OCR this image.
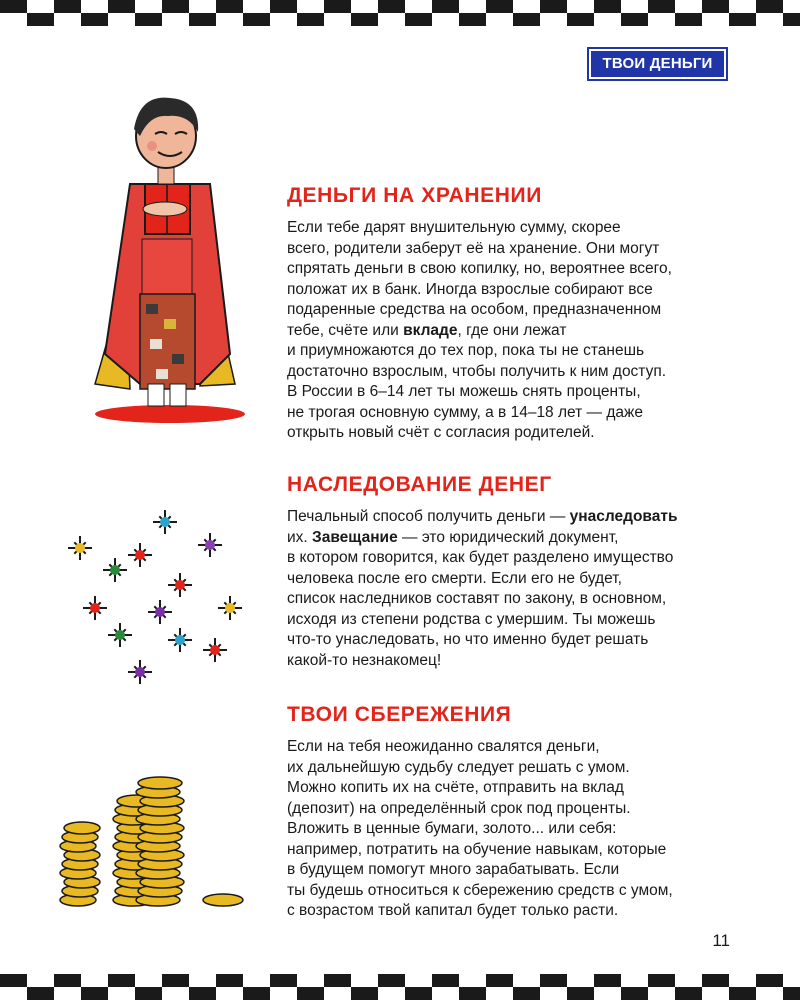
ТВОИ ДЕНЬГИ
ДЕНЬГИ НА ХРАНЕНИИ

Если тебе дарят внушительную сумму, скорее
всего, родители заберут её на хранение. Они могут
спрятать деньги в свою копилку, но, вероятнее всего,
положат их в банк. Иногда взрослые собирают все
подаренные средства на особом, предназначенном
тебе, счёте или вкладе, где они лежат
и приумножаются до тех пор, пока ты не станешь
достаточно взрослым, чтобы получить к ним доступ.
В России в 6–14 лет ты можешь снять проценты,
не трогая основную сумму, а в 14–18 лет — даже
открыть новый счёт с согласия родителей.

НАСЛЕДОВАНИЕ ДЕНЕГ

Печальный способ получить деньги — унаследовать
их. Завещание — это юридический документ,
в котором говорится, как будет разделено имущество
человека после его смерти. Если его не будет,
список наследников составят по закону, в основном,
исходя из степени родства с умершим. Ты можешь
что-то унаследовать, но что именно будет решать
какой-то незнакомец!

ТВОИ СБЕРЕЖЕНИЯ

Если на тебя неожиданно свалятся деньги,
их дальнейшую судьбу следует решать с умом.
Можно копить их на счёте, отправить на вклад
(депозит) на определённый срок под проценты.
Вложить в ценные бумаги, золото... или себя:
например, потратить на обучение навыкам, которые
в будущем помогут много зарабатывать. Если
ты будешь относиться к сбережению средств с умом,
с возрастом твой капитал будет только расти.

11
